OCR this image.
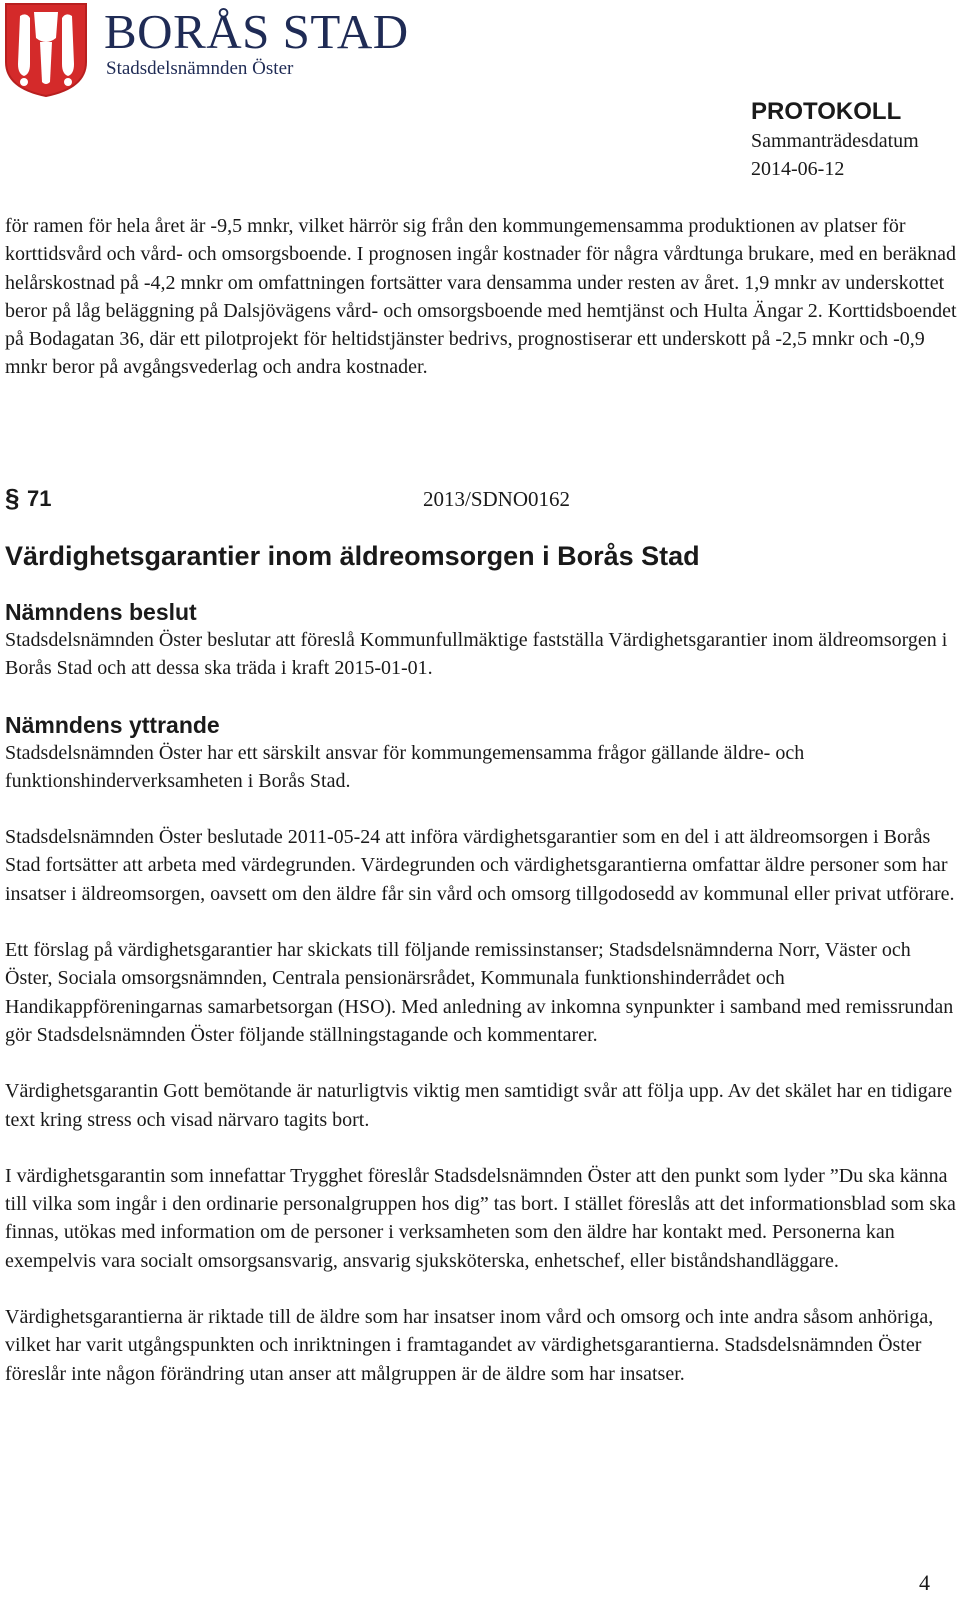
BORÅS STAD
Stadsdelsnämnden Öster
PROTOKOLL
Sammanträdesdatum
2014-06-12

för ramen för hela året är -9,5 mnkr, vilket härrör sig från den kommungemensamma produktionen av platser för korttidsvård och vård- och omsorgsboende. I prognosen ingår kostnader för några vårdtunga brukare, med en beräknad helårskostnad på -4,2 mnkr om omfattningen fortsätter vara densamma under resten av året. 1,9 mnkr av underskottet beror på låg beläggning på Dalsjövägens vård- och omsorgsboende med hemtjänst och Hulta Ängar 2. Korttidsboendet på Bodagatan 36, där ett pilotprojekt för heltidstjänster bedrivs, prognostiserar ett underskott på -2,5 mnkr och -0,9 mnkr beror på avgångsvederlag och andra kostnader.

§ 71	2013/SDNO0162
Värdighetsgarantier inom äldreomsorgen i Borås Stad
Nämndens beslut

Stadsdelsnämnden Öster beslutar att föreslå Kommunfullmäktige fastställa Värdighetsgarantier inom äldreomsorgen i Borås Stad och att dessa ska träda i kraft 2015-01-01.

Nämndens yttrande

Stadsdelsnämnden Öster har ett särskilt ansvar för kommungemensamma frågor gällande äldre- och funktionshinderverksamheten i Borås Stad.

Stadsdelsnämnden Öster beslutade 2011-05-24 att införa värdighetsgarantier som en del i att äldreomsorgen i Borås Stad fortsätter att arbeta med värdegrunden. Värdegrunden och värdighetsgarantierna omfattar äldre personer som har insatser i äldreomsorgen, oavsett om den äldre får sin vård och omsorg tillgodosedd av kommunal eller privat utförare.

Ett förslag på värdighetsgarantier har skickats till följande remissinstanser; Stadsdelsnämnderna Norr, Väster och Öster, Sociala omsorgsnämnden, Centrala pensionärsrådet, Kommunala funktionshinderrådet och Handikappföreningarnas samarbetsorgan (HSO). Med anledning av inkomna synpunkter i samband med remissrundan gör Stadsdelsnämnden Öster följande ställningstagande och kommentarer.

Värdighetsgarantin Gott bemötande är naturligtvis viktig men samtidigt svår att följa upp. Av det skälet har en tidigare text kring stress och visad närvaro tagits bort.

I värdighetsgarantin som innefattar Trygghet föreslår Stadsdelsnämnden Öster att den punkt som lyder ”Du ska känna till vilka som ingår i den ordinarie personalgruppen hos dig” tas bort. I stället föreslås att det informationsblad som ska finnas, utökas med information om de personer i verksamheten som den äldre har kontakt med. Personerna kan exempelvis vara socialt omsorgsansvarig, ansvarig sjuksköterska, enhetschef, eller biståndshandläggare.

Värdighetsgarantierna är riktade till de äldre som har insatser inom vård och omsorg och inte andra såsom anhöriga, vilket har varit utgångspunkten och inriktningen i framtagandet av värdighetsgarantierna. Stadsdelsnämnden Öster föreslår inte någon förändring utan anser att målgruppen är de äldre som har insatser.

4
